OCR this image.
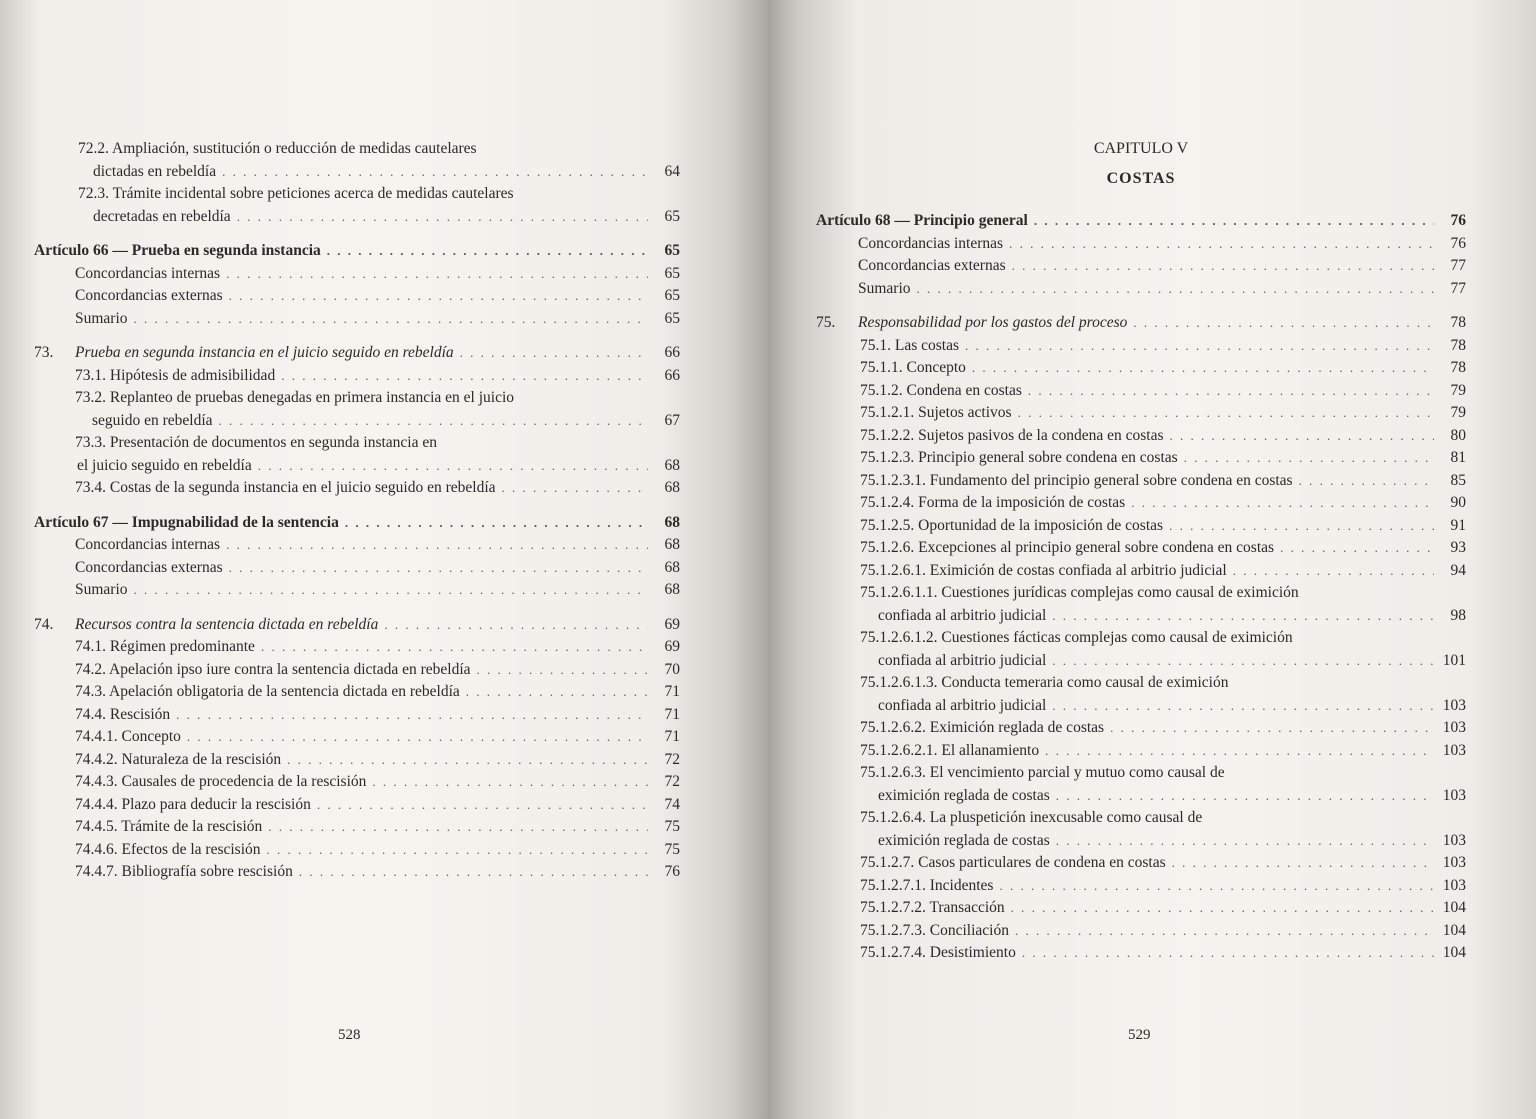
72.2. Ampliación, sustitución o reducción de medidas cautelares
dictadas en rebeldía . . .	64
72.3. Trámite incidental sobre peticiones acerca de medidas cautelares
decretadas en rebeldía . . .	65
Artículo 66 — Prueba en segunda instancia . . .	65
Concordancias internas . . .	65
Concordancias externas . . .	65
Sumario . . .	65
73.	Prueba en segunda instancia en el juicio seguido en rebeldía . . .	66
73.1. Hipótesis de admisibilidad . . .	66
73.2. Replanteo de pruebas denegadas en primera instancia en el juicio
seguido en rebeldía . . .	67
73.3. Presentación de documentos en segunda instancia en
el juicio seguido en rebeldía . . .	68
73.4. Costas de la segunda instancia en el juicio seguido en rebeldía . . .	68
Artículo 67 — Impugnabilidad de la sentencia . . .	68
Concordancias internas . . .	68
Concordancias externas . . .	68
Sumario . . .	68
74.	Recursos contra la sentencia dictada en rebeldía . . .	69
74.1. Régimen predominante . . .	69
74.2. Apelación ipso iure contra la sentencia dictada en rebeldía . . .	70
74.3. Apelación obligatoria de la sentencia dictada en rebeldía . . .	71
74.4. Rescisión . . .	71
74.4.1. Concepto . . .	71
74.4.2. Naturaleza de la rescisión . . .	72
74.4.3. Causales de procedencia de la rescisión . . .	72
74.4.4. Plazo para deducir la rescisión . . .	74
74.4.5. Trámite de la rescisión . . .	75
74.4.6. Efectos de la rescisión . . .	75
74.4.7. Bibliografía sobre rescisión . . .	76
528
CAPITULO V
COSTAS
Artículo 68 — Principio general . . .	76
Concordancias internas . . .	76
Concordancias externas . . .	77
Sumario . . .	77
75.	Responsabilidad por los gastos del proceso . . .	78
75.1. Las costas . . .	78
75.1.1. Concepto . . .	78
75.1.2. Condena en costas . . .	79
75.1.2.1. Sujetos activos . . .	79
75.1.2.2. Sujetos pasivos de la condena en costas . . .	80
75.1.2.3. Principio general sobre condena en costas . . .	81
75.1.2.3.1. Fundamento del principio general sobre condena en costas . . .	85
75.1.2.4. Forma de la imposición de costas . . .	90
75.1.2.5. Oportunidad de la imposición de costas . . .	91
75.1.2.6. Excepciones al principio general sobre condena en costas . . .	93
75.1.2.6.1. Eximición de costas confiada al arbitrio judicial . . .	94
75.1.2.6.1.1. Cuestiones jurídicas complejas como causal de eximición
confiada al arbitrio judicial . . .	98
75.1.2.6.1.2. Cuestiones fácticas complejas como causal de eximición
confiada al arbitrio judicial . . .	101
75.1.2.6.1.3. Conducta temeraria como causal de eximición
confiada al arbitrio judicial . . .	103
75.1.2.6.2. Eximición reglada de costas . . .	103
75.1.2.6.2.1. El allanamiento . . .	103
75.1.2.6.3. El vencimiento parcial y mutuo como causal de
eximición reglada de costas . . .	103
75.1.2.6.4. La pluspetición inexcusable como causal de
eximición reglada de costas . . .	103
75.1.2.7. Casos particulares de condena en costas . . .	103
75.1.2.7.1. Incidentes . . .	103
75.1.2.7.2. Transacción . . .	104
75.1.2.7.3. Conciliación . . .	104
75.1.2.7.4. Desistimiento . . .	104
529
